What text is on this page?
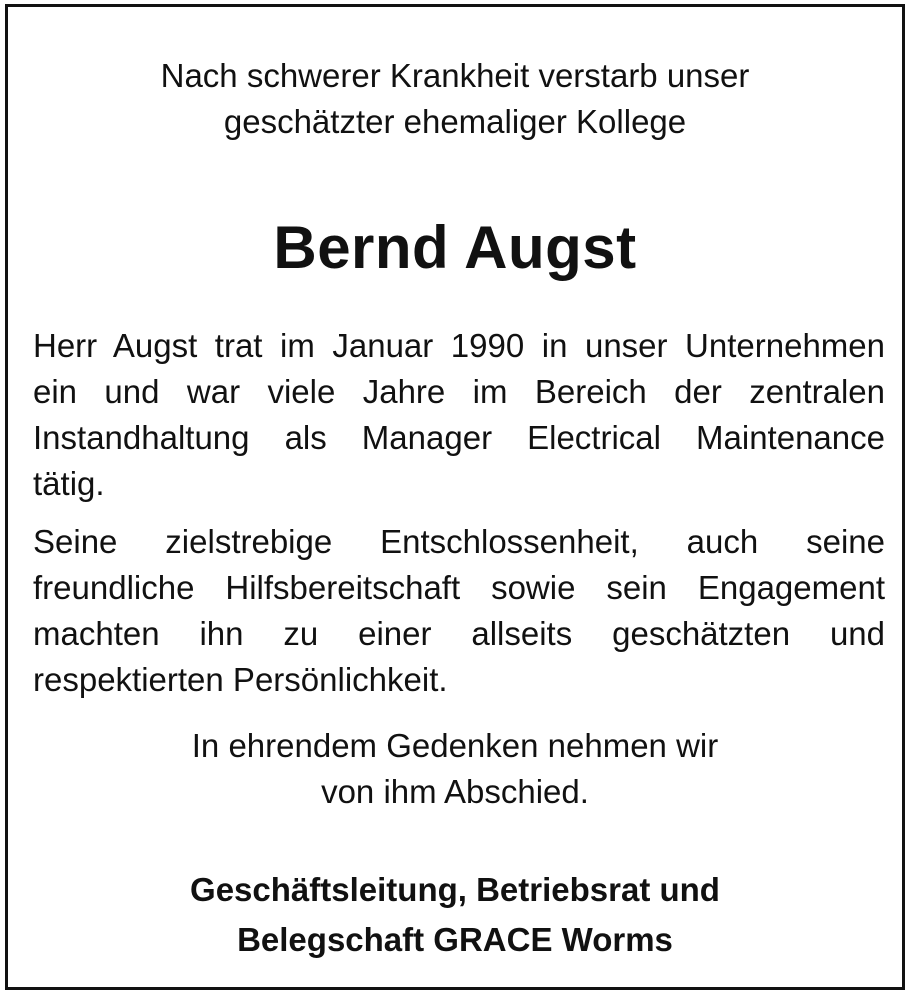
Nach schwerer Krankheit verstarb unser

geschätzter ehemaliger Kollege

Bernd Augst

Herr Augst trat im Januar 1990 in unser Unternehmen

ein und war viele Jahre im Bereich der zentralen

Instandhaltung als Manager Electrical Maintenance

tätig.

Seine zielstrebige Entschlossenheit, auch seine

freundliche Hilfsbereitschaft sowie sein Engagement

machten ihn zu einer allseits geschätzten und

respektierten Persönlichkeit.

In ehrendem Gedenken nehmen wir

von ihm Abschied.

Geschäftsleitung, Betriebsrat und

Belegschaft GRACE Worms
